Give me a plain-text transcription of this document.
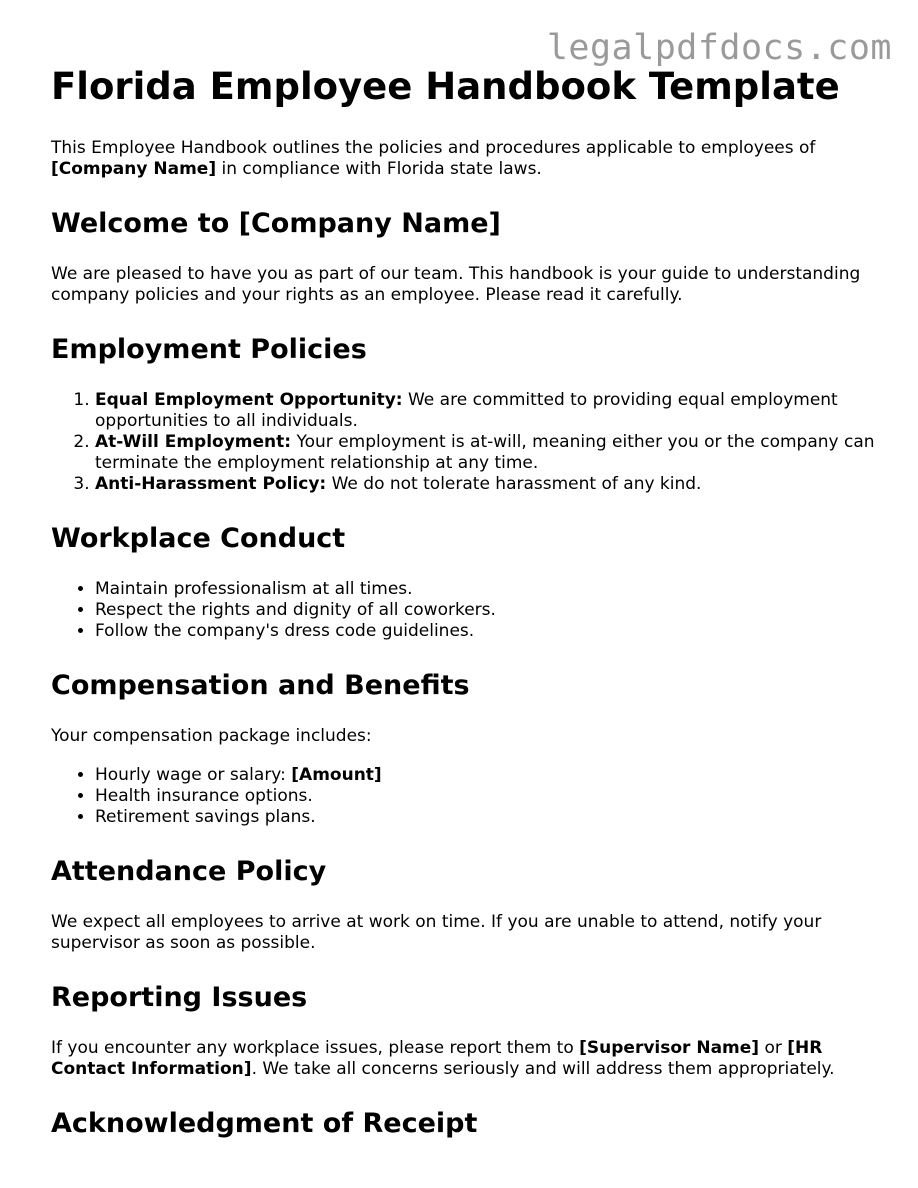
legalpdfdocs.com
Florida Employee Handbook Template

This Employee Handbook outlines the policies and procedures applicable to employees of [Company Name] in compliance with Florida state laws.

Welcome to [Company Name]

We are pleased to have you as part of our team. This handbook is your guide to understanding company policies and your rights as an employee. Please read it carefully.

Employment Policies
1. Equal Employment Opportunity: We are committed to providing equal employment opportunities to all individuals.
2. At-Will Employment: Your employment is at-will, meaning either you or the company can terminate the employment relationship at any time.
3. Anti-Harassment Policy: We do not tolerate harassment of any kind.
Workplace Conduct
• Maintain professionalism at all times.
• Respect the rights and dignity of all coworkers.
• Follow the company's dress code guidelines.
Compensation and Benefits

Your compensation package includes:

• Hourly wage or salary: [Amount]
• Health insurance options.
• Retirement savings plans.
Attendance Policy

We expect all employees to arrive at work on time. If you are unable to attend, notify your supervisor as soon as possible.

Reporting Issues

If you encounter any workplace issues, please report them to [Supervisor Name] or [HR Contact Information]. We take all concerns seriously and will address them appropriately.

Acknowledgment of Receipt
